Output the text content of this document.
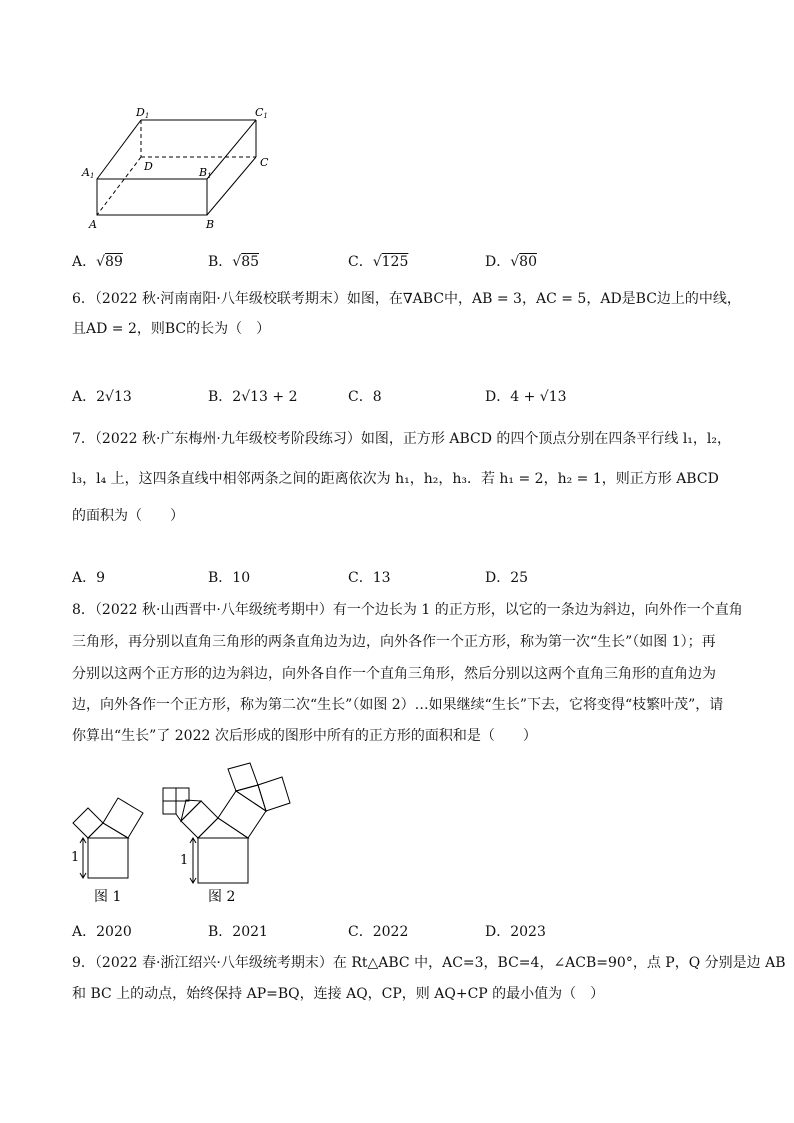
D1	C1
A1	B1
D	C
A	B
A．√89	B．√85	C．√125	D．√80
6．（2022 秋·河南南阳·八年级校联考期末）如图，在∇ABC中，AB = 3，AC = 5，AD是BC边上的中线，
且AD = 2，则BC的长为（　）
A．2√13	B．2√13 + 2	C．8	D．4 + √13
7．（2022 秋·广东梅州·九年级校考阶段练习）如图，正方形 ABCD 的四个顶点分别在四条平行线 l₁，l₂，
l₃，l₄ 上，这四条直线中相邻两条之间的距离依次为 h₁，h₂，h₃．若 h₁ = 2，h₂ = 1，则正方形 ABCD
的面积为（　　）
A．9	B．10	C．13	D．25
8．（2022 秋·山西晋中·八年级统考期中）有一个边长为 1 的正方形，以它的一条边为斜边，向外作一个直角
三角形，再分别以直角三角形的两条直角边为边，向外各作一个正方形，称为第一次“生长”（如图 1）；再
分别以这两个正方形的边为斜边，向外各自作一个直角三角形，然后分别以这两个直角三角形的直角边为
边，向外各作一个正方形，称为第二次“生长”（如图 2）…如果继续“生长”下去，它将变得“枝繁叶茂”，请
你算出“生长”了 2022 次后形成的图形中所有的正方形的面积和是（　　）
1
图 1
1
图 2
A．2020	B．2021	C．2022	D．2023
9．（2022 春·浙江绍兴·八年级统考期末）在 Rt△ABC 中，AC=3，BC=4，∠ACB=90°，点 P，Q 分别是边 AB
和 BC 上的动点，始终保持 AP=BQ，连接 AQ，CP，则 AQ+CP 的最小值为（　）
